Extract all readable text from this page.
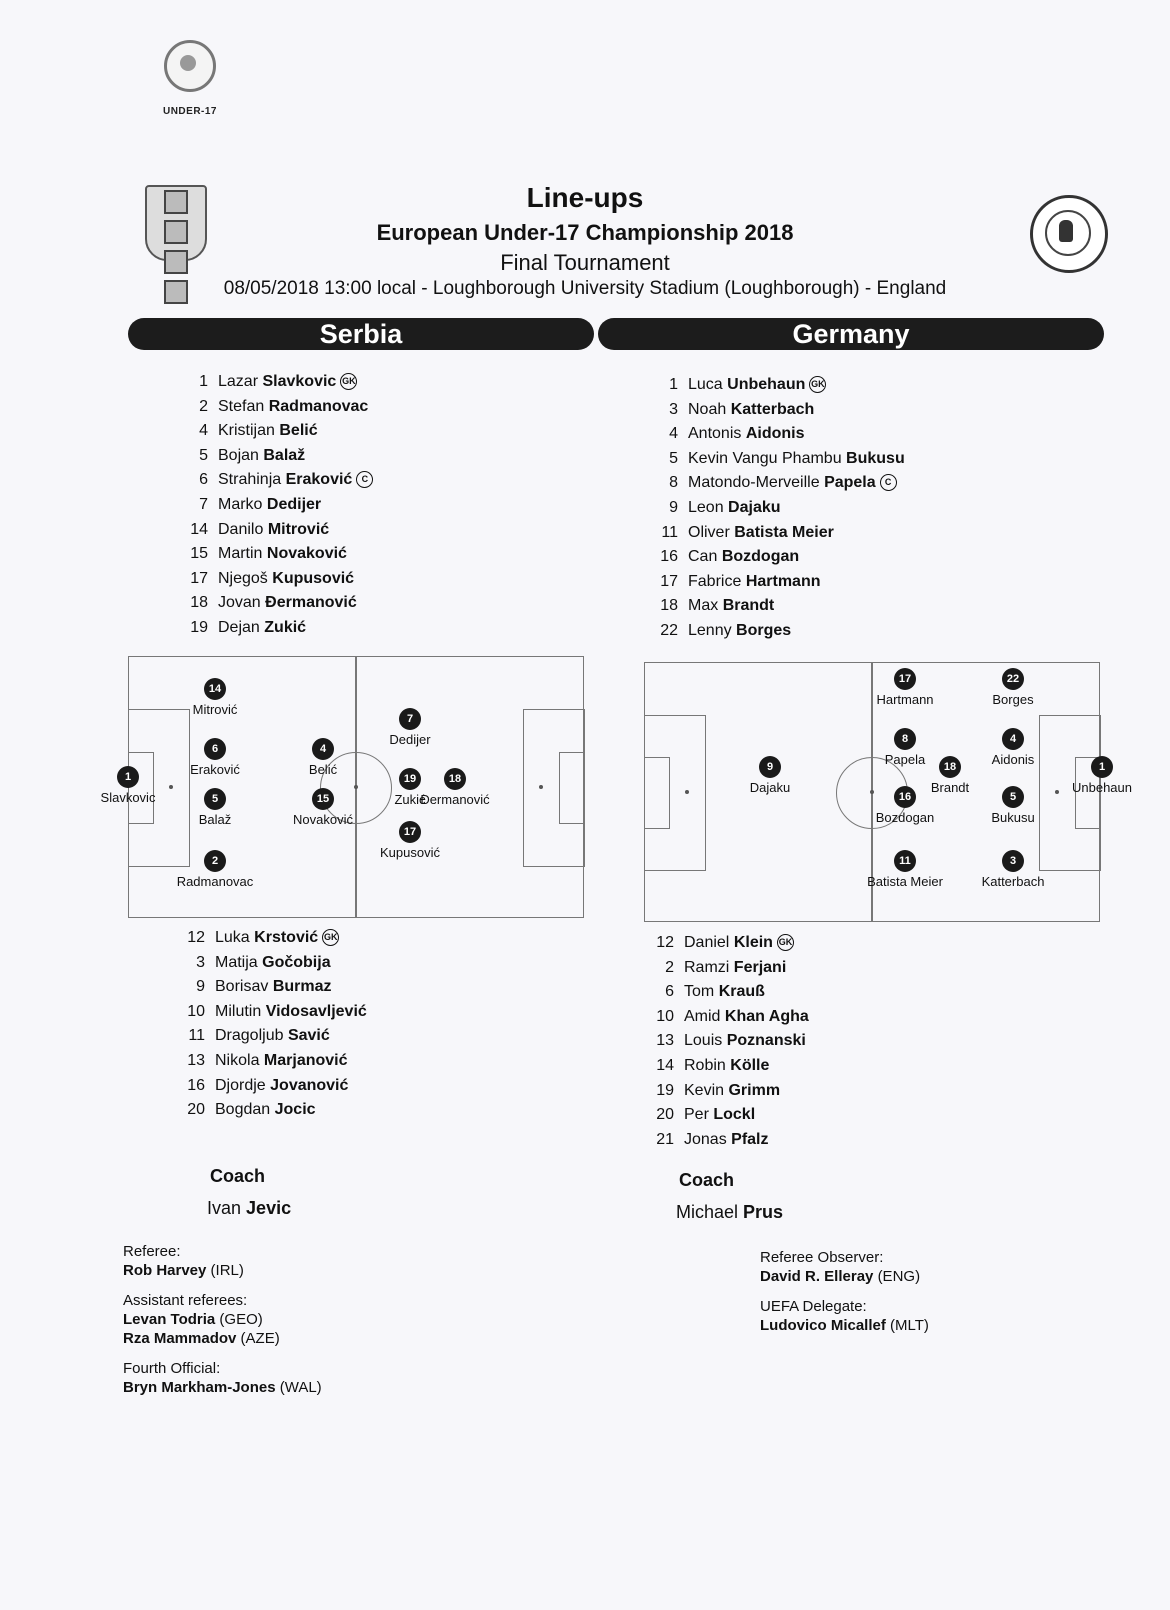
UNDER-17
Line-ups
European Under-17 Championship 2018
Final Tournament
08/05/2018 13:00 local - Loughborough University Stadium (Loughborough) - England
Serbia	Germany
1 Lazar Slavkovic GK
2 Stefan Radmanovac
4 Kristijan Belić
5 Bojan Balaž
6 Strahinja Eraković C
7 Marko Dedijer
14 Danilo Mitrović
15 Martin Novaković
17 Njegoš Kupusović
18 Jovan Đermanović
19 Dejan Zukić
1 Luca Unbehaun GK
3 Noah Katterbach
4 Antonis Aidonis
5 Kevin Vangu Phambu Bukusu
8 Matondo-Merveille Papela C
9 Leon Dajaku
11 Oliver Batista Meier
16 Can Bozdogan
17 Fabrice Hartmann
18 Max Brandt
22 Lenny Borges
1
Slavkovic
14
Mitrović
6
Eraković
5
Balaž
2
Radmanovac
4
Belić
15
Novaković
7
Dedijer
19
Zukić
18
Đermanović
17
Kupusović
9
Dajaku
17
Hartmann
8
Papela	18
Brandt
16
Bozdogan
11
Batista Meier
22
Borges
4
Aidonis
5
Bukusu
3
Katterbach
1
Unbehaun
12 Luka Krstović GK
3 Matija Gočobija
9 Borisav Burmaz
10 Milutin Vidosavljević
11 Dragoljub Savić
13 Nikola Marjanović
16 Djordje Jovanović
20 Bogdan Jocic
12 Daniel Klein GK
2 Ramzi Ferjani
6 Tom Krauß
10 Amid Khan Agha
13 Louis Poznanski
14 Robin Kölle
19 Kevin Grimm
20 Per Lockl
21 Jonas Pfalz
Coach
Ivan Jevic
Coach
Michael Prus
Referee:
Rob Harvey (IRL)
Assistant referees:
Levan Todria (GEO)
Rza Mammadov (AZE)
Fourth Official:
Bryn Markham-Jones (WAL)
Referee Observer:
David R. Elleray (ENG)
UEFA Delegate:
Ludovico Micallef (MLT)
